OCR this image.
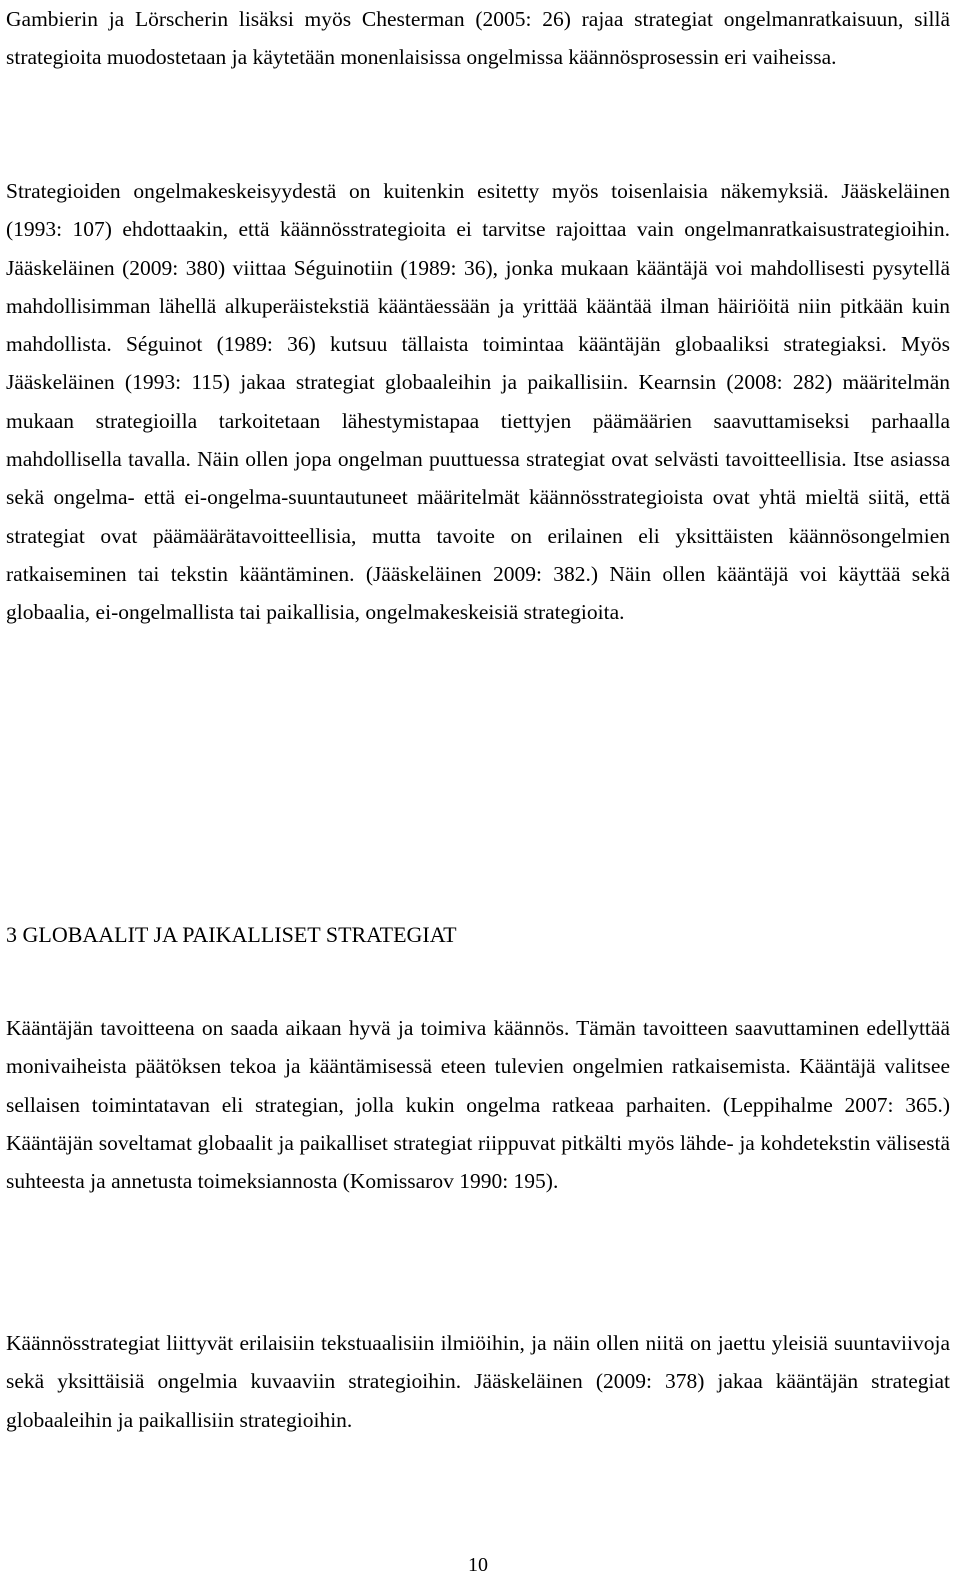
Gambierin ja Lörscherin lisäksi myös Chesterman (2005: 26) rajaa strategiat ongelmanratkaisuun, sillä strategioita muodostetaan ja käytetään monenlaisissa ongelmissa käännösprosessin eri vaiheissa.

Strategioiden ongelmakeskeisyydestä on kuitenkin esitetty myös toisenlaisia näkemyksiä. Jääskeläinen (1993: 107) ehdottaakin, että käännösstrategioita ei tarvitse rajoittaa vain ongelmanratkaisustrategioihin. Jääskeläinen (2009: 380) viittaa Séguinotiin (1989: 36), jonka mukaan kääntäjä voi mahdollisesti pysytellä mahdollisimman lähellä alkuperäistekstiä kääntäessään ja yrittää kääntää ilman häiriöitä niin pitkään kuin mahdollista. Séguinot (1989: 36) kutsuu tällaista toimintaa kääntäjän globaaliksi strategiaksi. Myös Jääskeläinen (1993: 115) jakaa strategiat globaaleihin ja paikallisiin. Kearnsin (2008: 282) määritelmän mukaan strategioilla tarkoitetaan lähestymistapaa tiettyjen päämäärien saavuttamiseksi parhaalla mahdollisella tavalla. Näin ollen jopa ongelman puuttuessa strategiat ovat selvästi tavoitteellisia. Itse asiassa sekä ongelma- että ei-ongelma-suuntautuneet määritelmät käännösstrategioista ovat yhtä mieltä siitä, että strategiat ovat päämäärätavoitteellisia, mutta tavoite on erilainen eli yksittäisten käännösongelmien ratkaiseminen tai tekstin kääntäminen. (Jääskeläinen 2009: 382.) Näin ollen kääntäjä voi käyttää sekä globaalia, ei-ongelmallista tai paikallisia, ongelmakeskeisiä strategioita.

3 GLOBAALIT JA PAIKALLISET STRATEGIAT

Kääntäjän tavoitteena on saada aikaan hyvä ja toimiva käännös. Tämän tavoitteen saavuttaminen edellyttää monivaiheista päätöksen tekoa ja kääntämisessä eteen tulevien ongelmien ratkaisemista. Kääntäjä valitsee sellaisen toimintatavan eli strategian, jolla kukin ongelma ratkeaa parhaiten. (Leppihalme 2007: 365.) Kääntäjän soveltamat globaalit ja paikalliset strategiat riippuvat pitkälti myös lähde- ja kohdetekstin välisestä suhteesta ja annetusta toimeksiannosta (Komissarov 1990: 195).

Käännösstrategiat liittyvät erilaisiin tekstuaalisiin ilmiöihin, ja näin ollen niitä on jaettu yleisiä suuntaviivoja sekä yksittäisiä ongelmia kuvaaviin strategioihin. Jääskeläinen (2009: 378) jakaa kääntäjän strategiat globaaleihin ja paikallisiin strategioihin.

10
